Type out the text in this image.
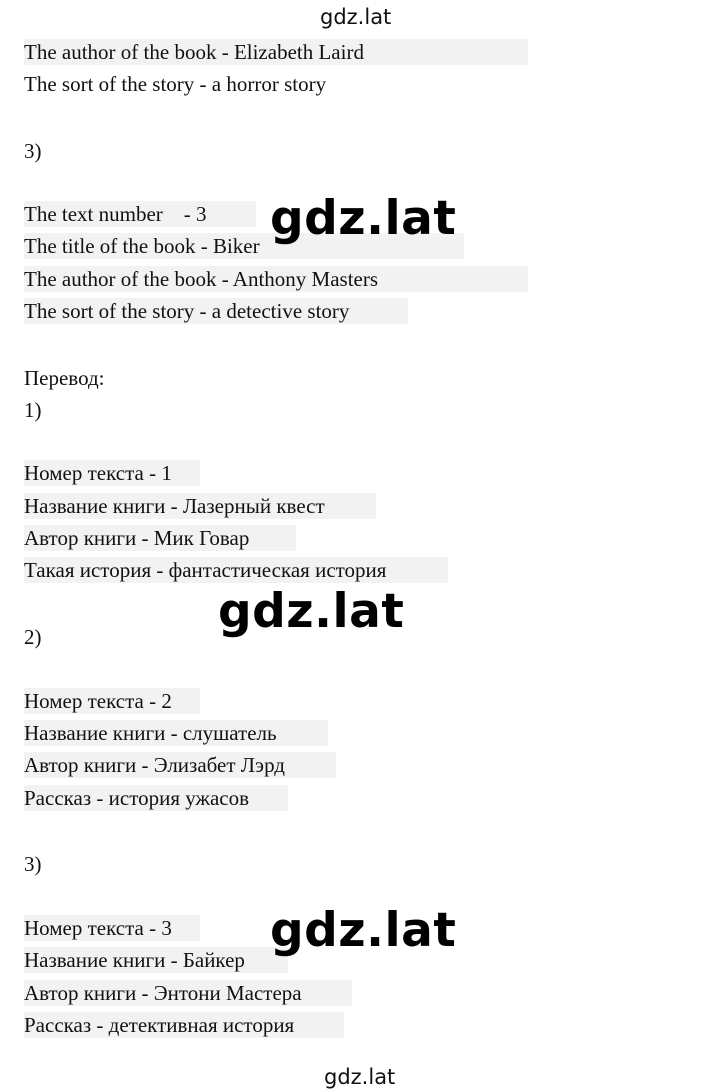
gdz.lat
The author of the book - Elizabeth Laird
The sort of the story - a horror story
3)
The text number    - 3
The title of the book - Biker
The author of the book - Anthony Masters
The sort of the story - a detective story
gdz.lat
Перевод:
1)
Номер текста - 1
Название книги - Лазерный квест
Автор книги - Мик Говар
Такая история - фантастическая история
gdz.lat
2)
Номер текста - 2
Название книги - слушатель
Автор книги - Элизабет Лэрд
Рассказ - история ужасов
3)
Номер текста - 3
Название книги - Байкер
Автор книги - Энтони Мастера
Рассказ - детективная история
gdz.lat
gdz.lat
